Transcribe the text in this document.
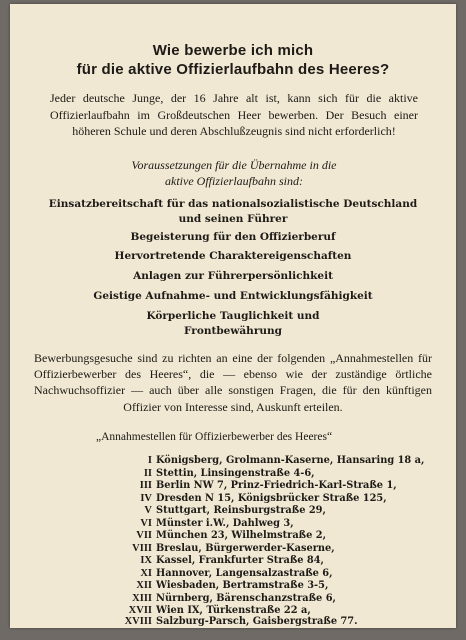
Wie bewerbe ich mich
für die aktive Offizierlaufbahn des Heeres?
Jeder deutsche Junge, der 16 Jahre alt ist, kann sich für die aktive Offizierlaufbahn im Großdeutschen Heer bewerben. Der Besuch einer höheren Schule und deren Abschlußzeugnis sind nicht erforderlich!
Voraussetzungen für die Übernahme in die
aktive Offizierlaufbahn sind:
Einsatzbereitschaft für das nationalsozialistische Deutschland
und seinen Führer
Begeisterung für den Offizierberuf
Hervortretende Charaktereigenschaften
Anlagen zur Führerpersönlichkeit
Geistige Aufnahme- und Entwicklungsfähigkeit
Körperliche Tauglichkeit und
Frontbewährung
Bewerbungsgesuche sind zu richten an eine der folgenden „Annahmestellen für Offizierbewerber des Heeres“, die — ebenso wie der zuständige örtliche Nachwuchsoffizier — auch über alle sonstigen Fragen, die für den künftigen Offizier von Interesse sind, Auskunft erteilen.
„Annahmestellen für Offizierbewerber des Heeres“
I Königsberg, Grolmann-Kaserne, Hansaring 18 a,
II Stettin, Linsingenstraße 4-6,
III Berlin NW 7, Prinz-Friedrich-Karl-Straße 1,
IV Dresden N 15, Königsbrücker Straße 125,
V Stuttgart, Reinsburgstraße 29,
VI Münster i.W., Dahlweg 3,
VII München 23, Wilhelmstraße 2,
VIII Breslau, Bürgerwerder-Kaserne,
IX Kassel, Frankfurter Straße 84,
XI Hannover, Langensalzastraße 6,
XII Wiesbaden, Bertramstraße 3-5,
XIII Nürnberg, Bärenschanzstraße 6,
XVII Wien IX, Türkenstraße 22 a,
XVIII Salzburg-Parsch, Gaisbergstraße 77.
